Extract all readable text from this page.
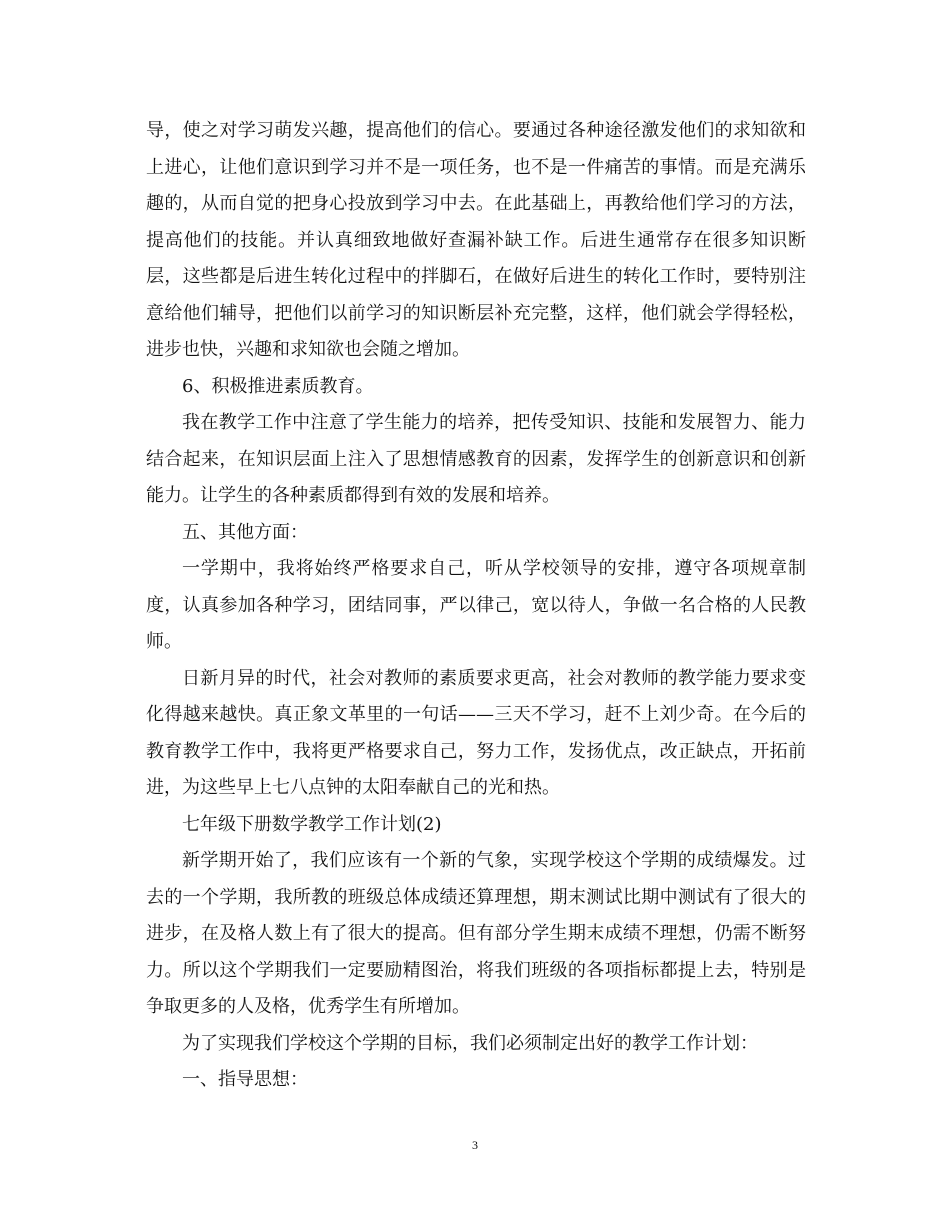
导，使之对学习萌发兴趣，提高他们的信心。要通过各种途径激发他们的求知欲和上进心，让他们意识到学习并不是一项任务，也不是一件痛苦的事情。而是充满乐趣的，从而自觉的把身心投放到学习中去。在此基础上，再教给他们学习的方法，提高他们的技能。并认真细致地做好查漏补缺工作。后进生通常存在很多知识断层，这些都是后进生转化过程中的拌脚石，在做好后进生的转化工作时，要特别注意给他们辅导，把他们以前学习的知识断层补充完整，这样，他们就会学得轻松，进步也快，兴趣和求知欲也会随之增加。

6、积极推进素质教育。

我在教学工作中注意了学生能力的培养，把传受知识、技能和发展智力、能力结合起来，在知识层面上注入了思想情感教育的因素，发挥学生的创新意识和创新能力。让学生的各种素质都得到有效的发展和培养。

五、其他方面：

一学期中，我将始终严格要求自己，听从学校领导的安排，遵守各项规章制度，认真参加各种学习，团结同事，严以律己，宽以待人，争做一名合格的人民教师。

日新月异的时代，社会对教师的素质要求更高，社会对教师的教学能力要求变化得越来越快。真正象文革里的一句话——三天不学习，赶不上刘少奇。在今后的教育教学工作中，我将更严格要求自己，努力工作，发扬优点，改正缺点，开拓前进，为这些早上七八点钟的太阳奉献自己的光和热。

七年级下册数学教学工作计划(2)

新学期开始了，我们应该有一个新的气象，实现学校这个学期的成绩爆发。过去的一个学期，我所教的班级总体成绩还算理想，期末测试比期中测试有了很大的进步，在及格人数上有了很大的提高。但有部分学生期末成绩不理想，仍需不断努力。所以这个学期我们一定要励精图治，将我们班级的各项指标都提上去，特别是争取更多的人及格，优秀学生有所增加。

为了实现我们学校这个学期的目标，我们必须制定出好的教学工作计划：

一、指导思想：

3
